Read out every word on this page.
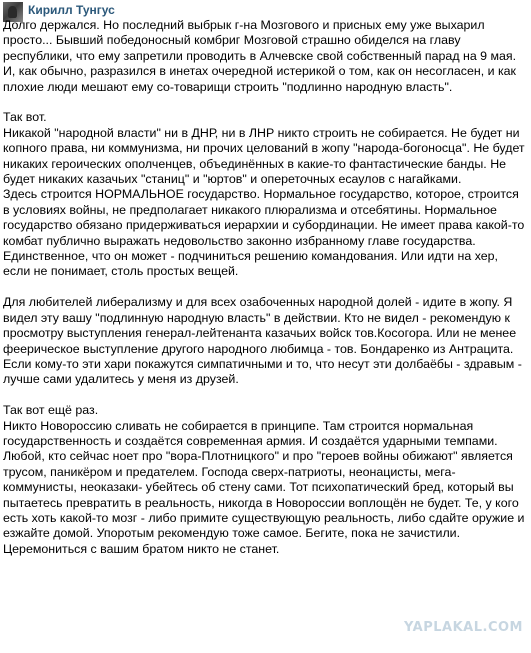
Кирилл Тунгус

Долго держался. Но последний выбрык г-на Мозгового и присных ему уже выхарил просто... Бывший победоносный комбриг Мозговой страшно обиделся на главу республики, что ему запретили проводить в Алчевске свой собственный парад на 9 мая. И, как обычно, разразился в инетах очередной истерикой о том, как он несогласен, и как плохие люди мешают ему со-товарищи строить "подлинно народную власть".

Так вот.
Никакой "народной власти" ни в ДНР, ни в ЛНР никто строить не собирается. Не будет ни копного права, ни коммунизма, ни прочих целований в жопу "народа-богоносца". Не будет никаких героических ополченцев, объединённых в какие-то фантастические банды. Не будет никаких казачьих "станиц" и "юртов" и опереточных есаулов с нагайками.
Здесь строится НОРМАЛЬНОЕ государство. Нормальное государство, которое, строится в условиях войны, не предполагает никакого плюрализма и отсебятины. Нормальное государство обязано придерживаться иерархии и субординации. Не имеет права какой-то комбат публично выражать недовольство законно избранному главе государства. Единственное, что он может - подчиниться решению командования. Или идти на хер, если не понимает, столь простых вещей.

Для любителей либерализму и для всех озабоченных народной долей - идите в жопу. Я видел эту вашу "подлинную народную власть" в действии. Кто не видел - рекомендую к просмотру выступления генерал-лейтенанта казачьих войск тов.Косогора. Или не менее феерическое выступление другого народного любимца - тов. Бондаренко из Антрацита. Если кому-то эти хари покажутся симпатичными и то, что несут эти долбаёбы - здравым - лучше сами удалитесь у меня из друзей.

Так вот ещё раз.
Никто Новороссию сливать не собирается в принципе. Там строится нормальная государственность и создаётся современная армия. И создаётся ударными темпами.
Любой, кто сейчас ноет про "вора-Плотницкого" и про "героев войны обижают" является трусом, паникёром и предателем. Господа сверх-патриоты, неонацисты, мега-коммунисты, неоказаки- убейтесь об стену сами. Тот психопатический бред, который вы пытаетесь превратить в реальность, никогда в Новороссии воплощён не будет. Те, у кого есть хоть какой-то мозг - либо примите существующую реальность, либо сдайте оружие и езжайте домой. Упоротым рекомендую тоже самое. Бегите, пока не зачистили. Церемониться с вашим братом никто не станет.

YAPLAKAL.COM
